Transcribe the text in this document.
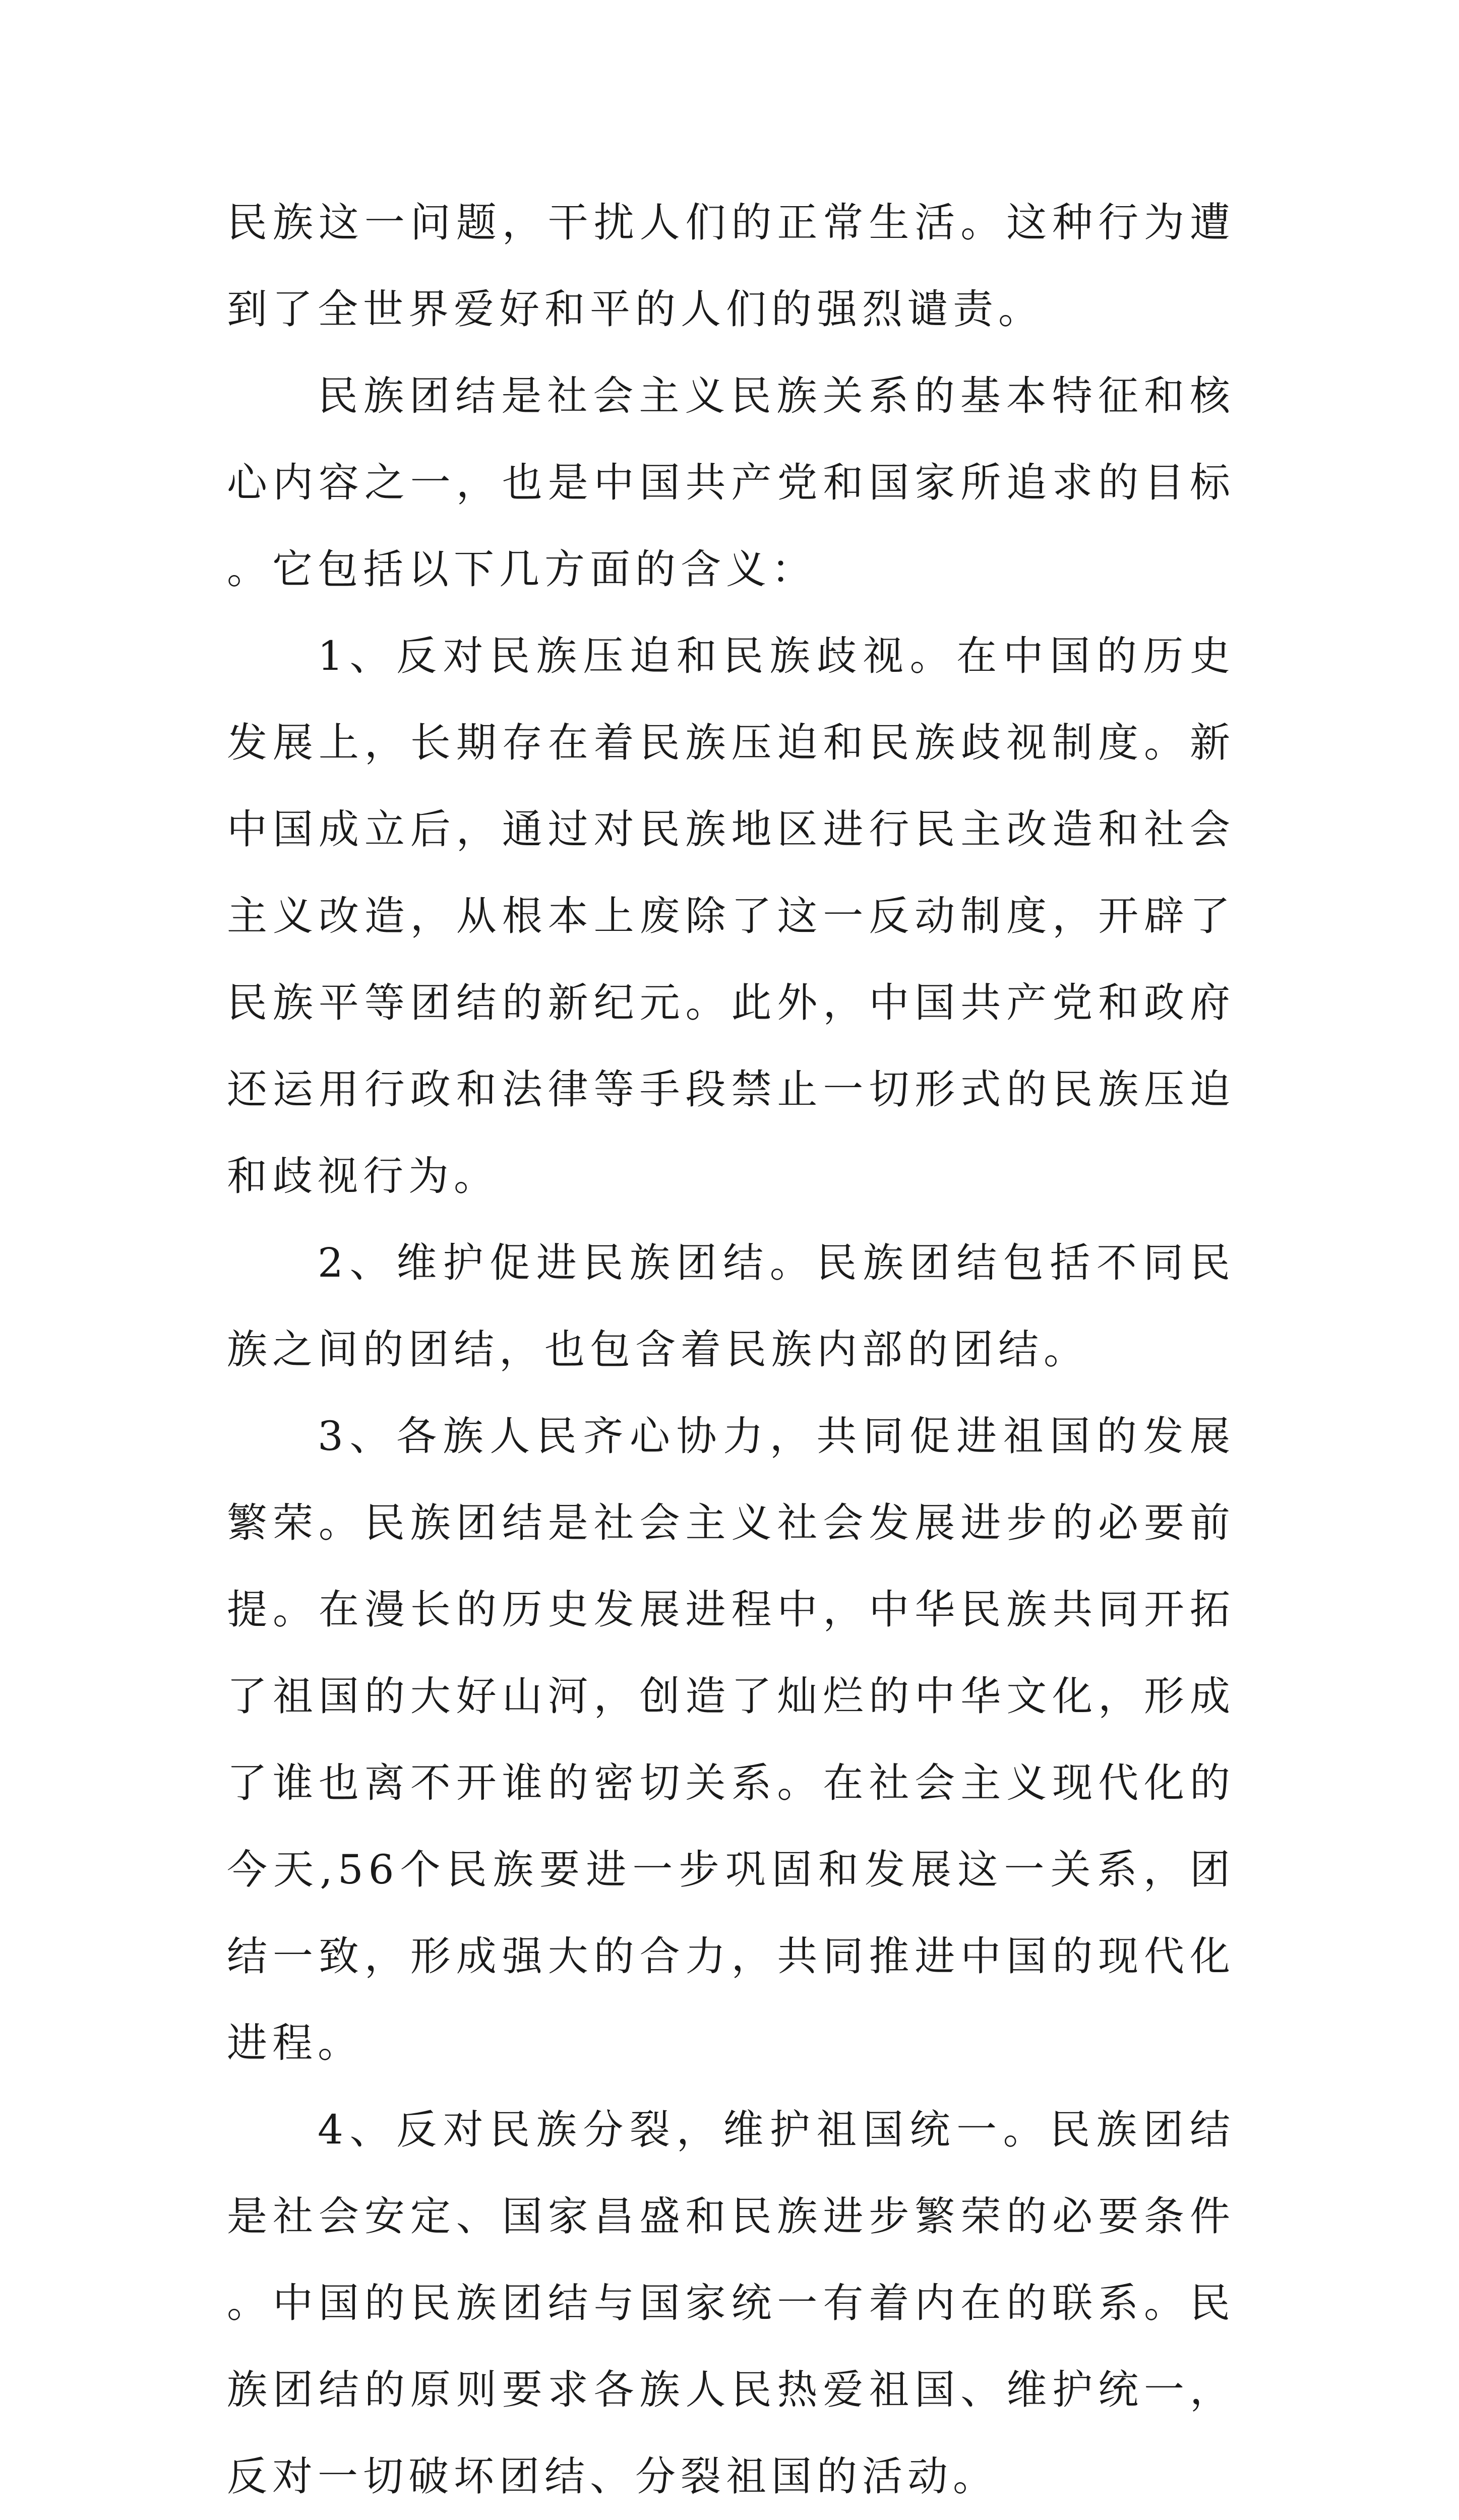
民族这一问题，干扰人们的正常生活。这种行为遭到了全世界爱好和平的人们的强烈谴责。

民族团结是社会主义民族关系的基本特征和核心内容之一，也是中国共产党和国家所追求的目标。它包括以下几方面的含义：

1、反对民族压迫和民族歧视。在中国的历史发展上，长期存在着民族压迫和民族歧视制度。新中国成立后，通过对民族地区进行民主改造和社会主义改造，从根本上废除了这一反动制度，开辟了民族平等团结的新纪元。此外，中国共产党和政府还运用行政和法律等手段禁止一切形式的民族压迫和歧视行为。

2、维护促进民族团结。民族团结包括不同民族之间的团结，也包含着民族内部的团结。

3、各族人民齐心协力，共同促进祖国的发展繁荣。民族团结是社会主义社会发展进步的必要前提。在漫长的历史发展进程中，中华民族共同开拓了祖国的大好山河，创造了灿烂的中华文化，形成了谁也离不开谁的密切关系。在社会主义现代化的今天,56个民族要进一步巩固和发展这一关系，团结一致，形成强大的合力，共同推进中国的现代化进程。

4、反对民族分裂，维护祖国统一。民族团结是社会安定、国家昌盛和民族进步繁荣的必要条件。中国的民族团结与国家统一有着内在的联系。民族团结的原则要求各族人民热爱祖国、维护统一，反对一切破坏团结、分裂祖国的活动。
